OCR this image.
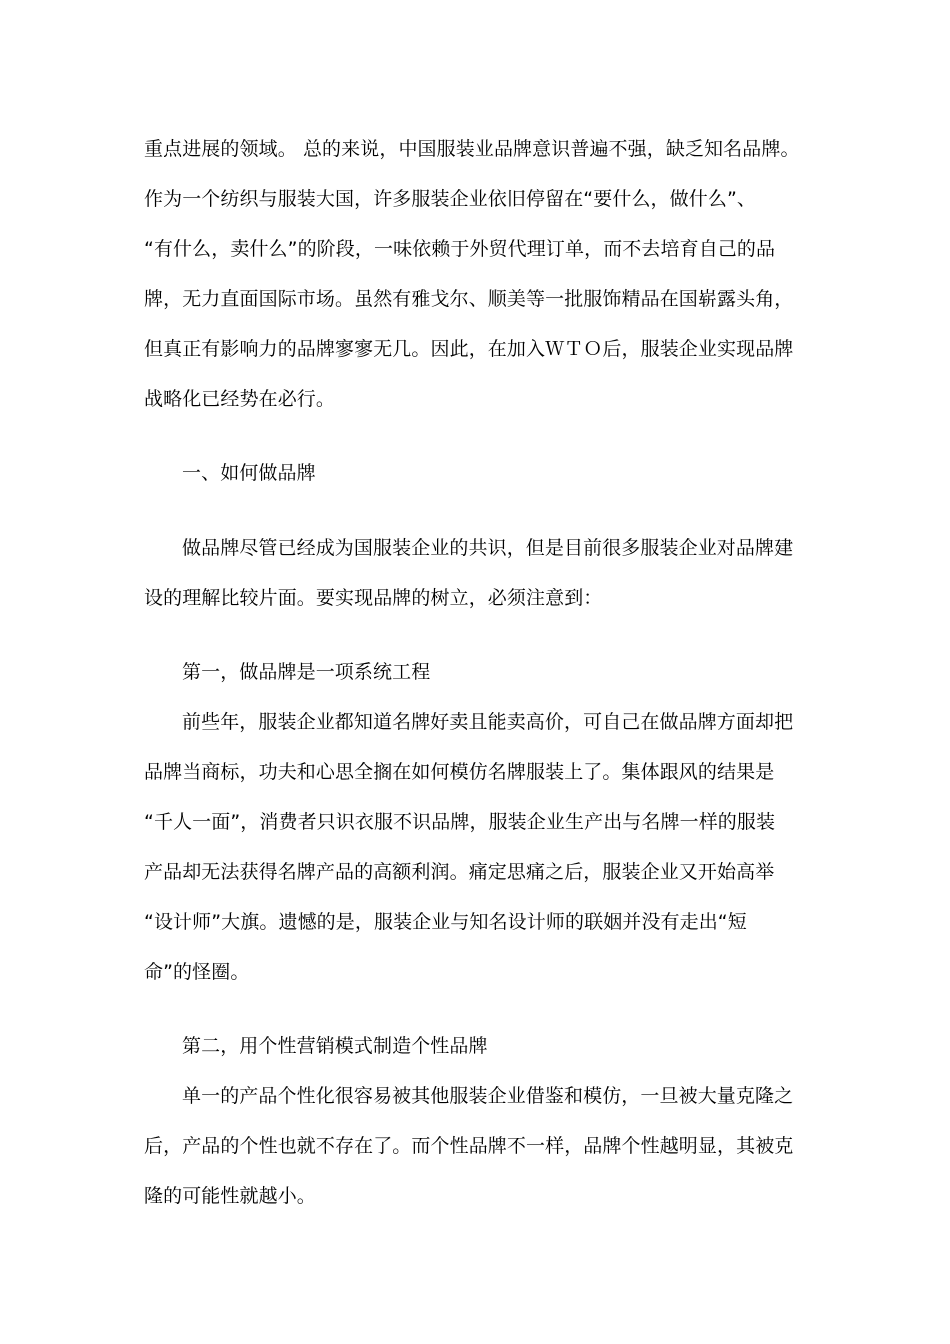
重点进展的领域。 总的来说，中国服装业品牌意识普遍不强，缺乏知名品牌。
作为一个纺织与服装大国，许多服装企业依旧停留在“要什么，做什么”、
“有什么，卖什么”的阶段，一味依赖于外贸代理订单，而不去培育自己的品
牌，无力直面国际市场。虽然有雅戈尔、顺美等一批服饰精品在国崭露头角，
但真正有影响力的品牌寥寥无几。因此，在加入ＷＴＯ后，服装企业实现品牌
战略化已经势在必行。
一、如何做品牌
做品牌尽管已经成为国服装企业的共识，但是目前很多服装企业对品牌建
设的理解比较片面。要实现品牌的树立，必须注意到：
第一，做品牌是一项系统工程
前些年，服装企业都知道名牌好卖且能卖高价，可自己在做品牌方面却把
品牌当商标，功夫和心思全搁在如何模仿名牌服装上了。集体跟风的结果是
“千人一面”，消费者只识衣服不识品牌，服装企业生产出与名牌一样的服装
产品却无法获得名牌产品的高额利润。痛定思痛之后，服装企业又开始高举
“设计师”大旗。遗憾的是，服装企业与知名设计师的联姻并没有走出“短
命”的怪圈。
第二，用个性营销模式制造个性品牌
单一的产品个性化很容易被其他服装企业借鉴和模仿，一旦被大量克隆之
后，产品的个性也就不存在了。而个性品牌不一样，品牌个性越明显，其被克
隆的可能性就越小。
